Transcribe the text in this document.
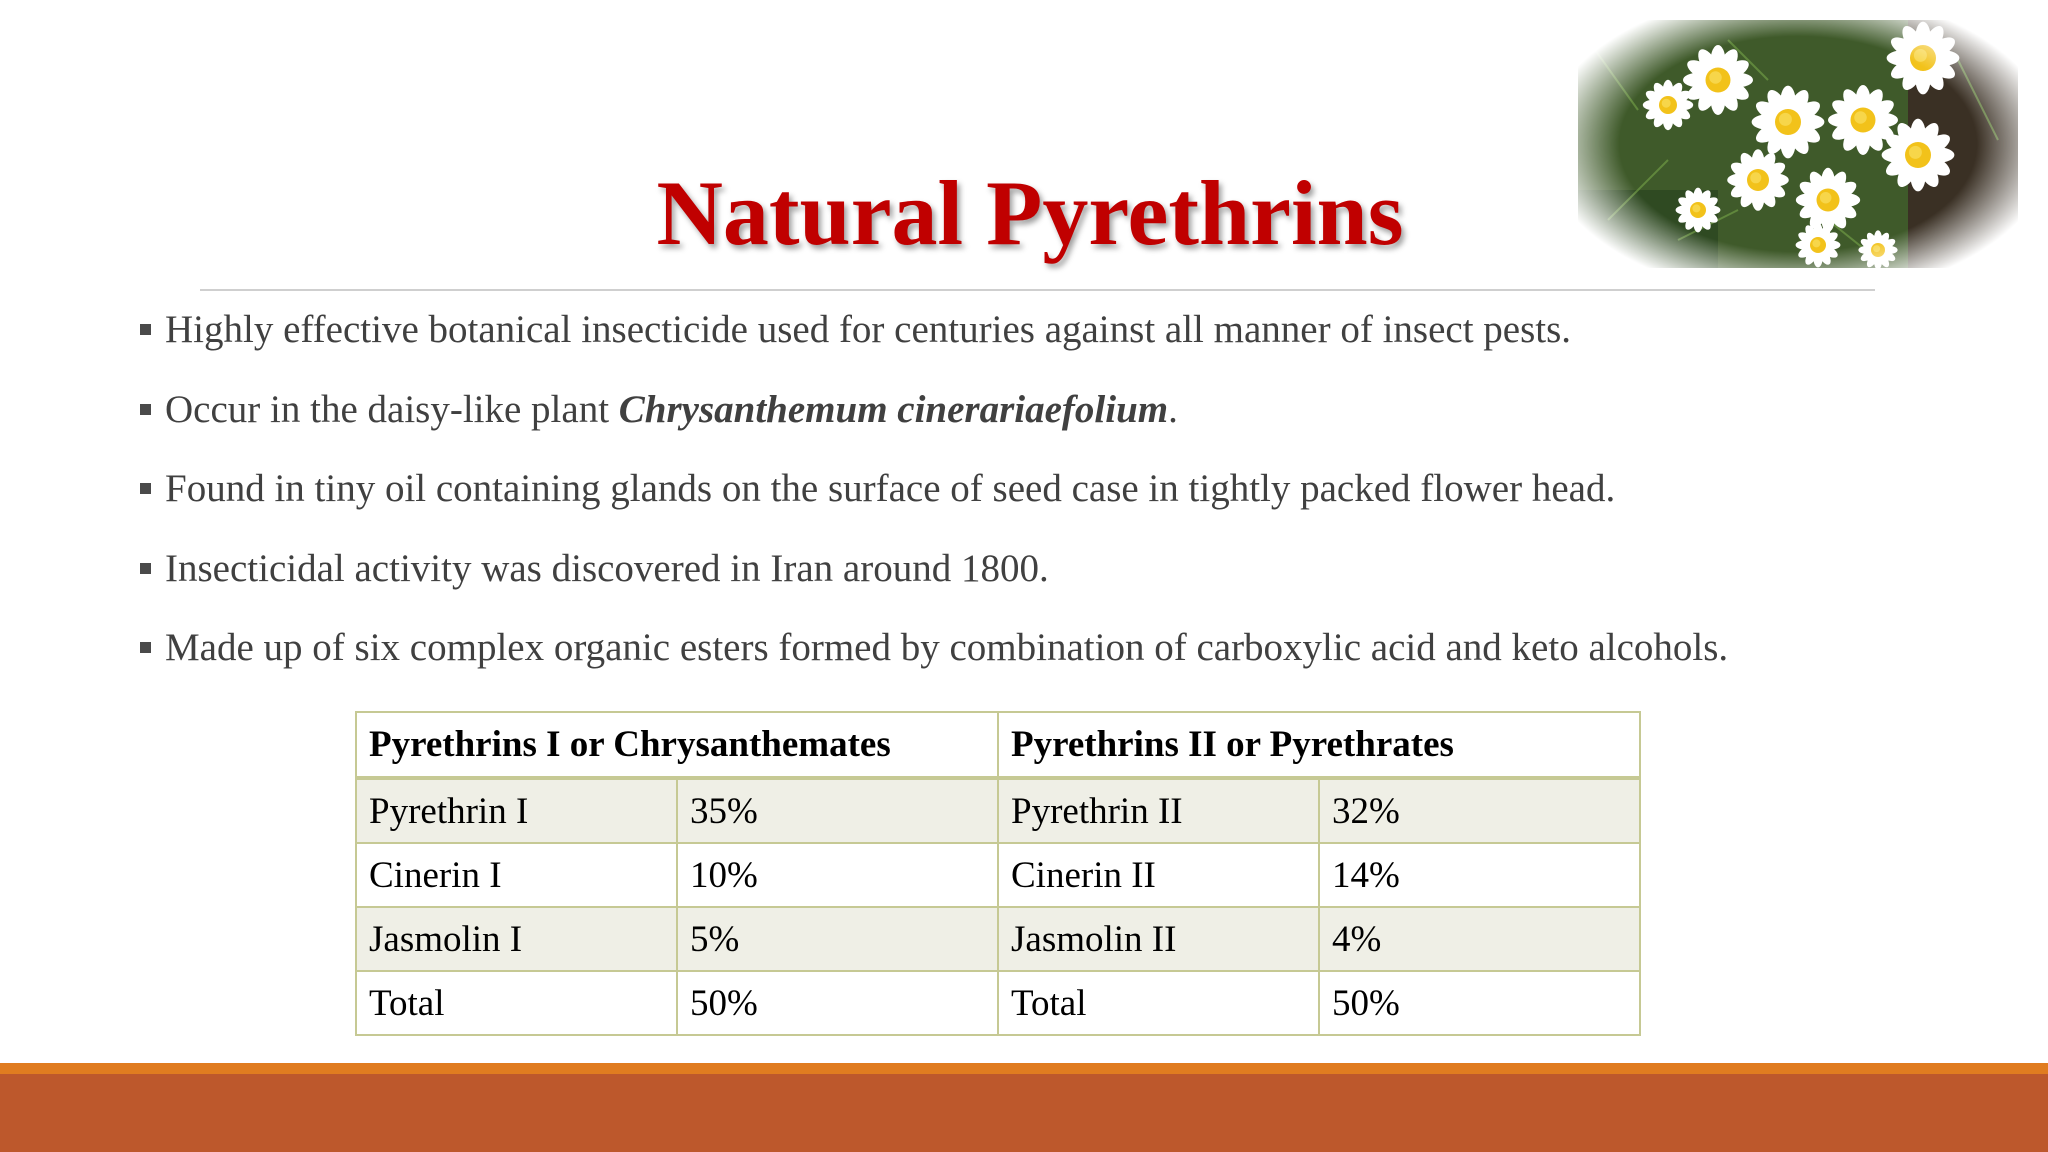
Natural Pyrethrins
Highly effective botanical insecticide used for centuries against all manner of insect pests.
Occur in the daisy-like plant Chrysanthemum cinerariaefolium.
Found in tiny oil containing glands on the surface of seed case in tightly packed flower head.
Insecticidal activity was discovered in Iran around 1800.
Made up of six complex organic esters formed by combination of carboxylic acid and keto alcohols.
Pyrethrins I or Chrysanthemates		Pyrethrins II or Pyrethrates	
Pyrethrin I	35%	Pyrethrin II	32%
Cinerin I	10%	Cinerin II	14%
Jasmolin I	5%	Jasmolin II	4%
Total	50%	Total	50%
